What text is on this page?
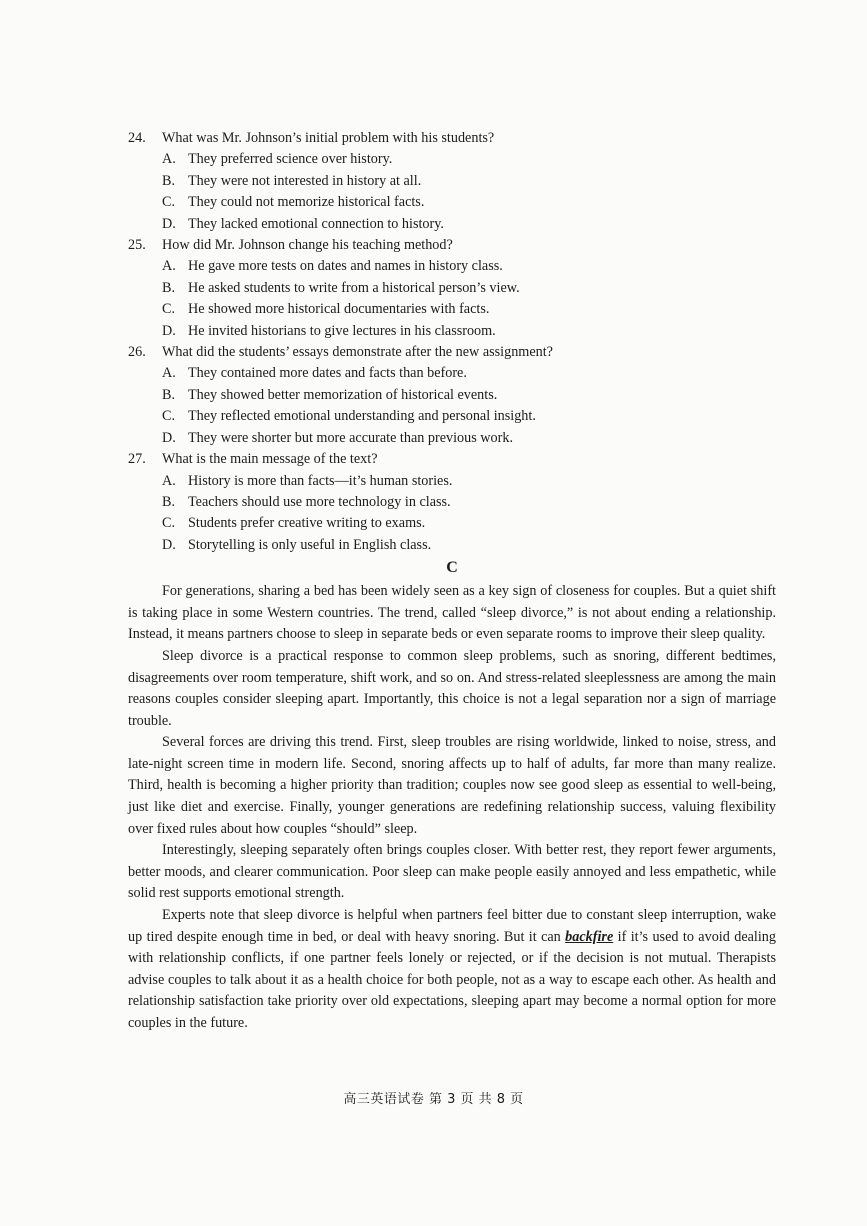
24. What was Mr. Johnson’s initial problem with his students?

A. They preferred science over history.

B. They were not interested in history at all.

C. They could not memorize historical facts.

D. They lacked emotional connection to history.

25. How did Mr. Johnson change his teaching method?

A. He gave more tests on dates and names in history class.

B. He asked students to write from a historical person’s view.

C. He showed more historical documentaries with facts.

D. He invited historians to give lectures in his classroom.

26. What did the students’ essays demonstrate after the new assignment?

A. They contained more dates and facts than before.

B. They showed better memorization of historical events.

C. They reflected emotional understanding and personal insight.

D. They were shorter but more accurate than previous work.

27. What is the main message of the text?

A. History is more than facts—it’s human stories.

B. Teachers should use more technology in class.

C. Students prefer creative writing to exams.

D. Storytelling is only useful in English class.

C

For generations, sharing a bed has been widely seen as a key sign of closeness for couples. But a quiet shift is taking place in some Western countries. The trend, called “sleep divorce,” is not about ending a relationship. Instead, it means partners choose to sleep in separate beds or even separate rooms to improve their sleep quality.

Sleep divorce is a practical response to common sleep problems, such as snoring, different bedtimes, disagreements over room temperature, shift work, and so on. And stress-related sleeplessness are among the main reasons couples consider sleeping apart. Importantly, this choice is not a legal separation nor a sign of marriage trouble.

Several forces are driving this trend. First, sleep troubles are rising worldwide, linked to noise, stress, and late-night screen time in modern life. Second, snoring affects up to half of adults, far more than many realize. Third, health is becoming a higher priority than tradition; couples now see good sleep as essential to well-being, just like diet and exercise. Finally, younger generations are redefining relationship success, valuing flexibility over fixed rules about how couples “should” sleep.

Interestingly, sleeping separately often brings couples closer. With better rest, they report fewer arguments, better moods, and clearer communication. Poor sleep can make people easily annoyed and less empathetic, while solid rest supports emotional strength.

Experts note that sleep divorce is helpful when partners feel bitter due to constant sleep interruption, wake up tired despite enough time in bed, or deal with heavy snoring. But it can backfire if it’s used to avoid dealing with relationship conflicts, if one partner feels lonely or rejected, or if the decision is not mutual. Therapists advise couples to talk about it as a health choice for both people, not as a way to escape each other. As health and relationship satisfaction take priority over old expectations, sleeping apart may become a normal option for more couples in the future.

高三英语试卷 第 3 页 共 8 页
